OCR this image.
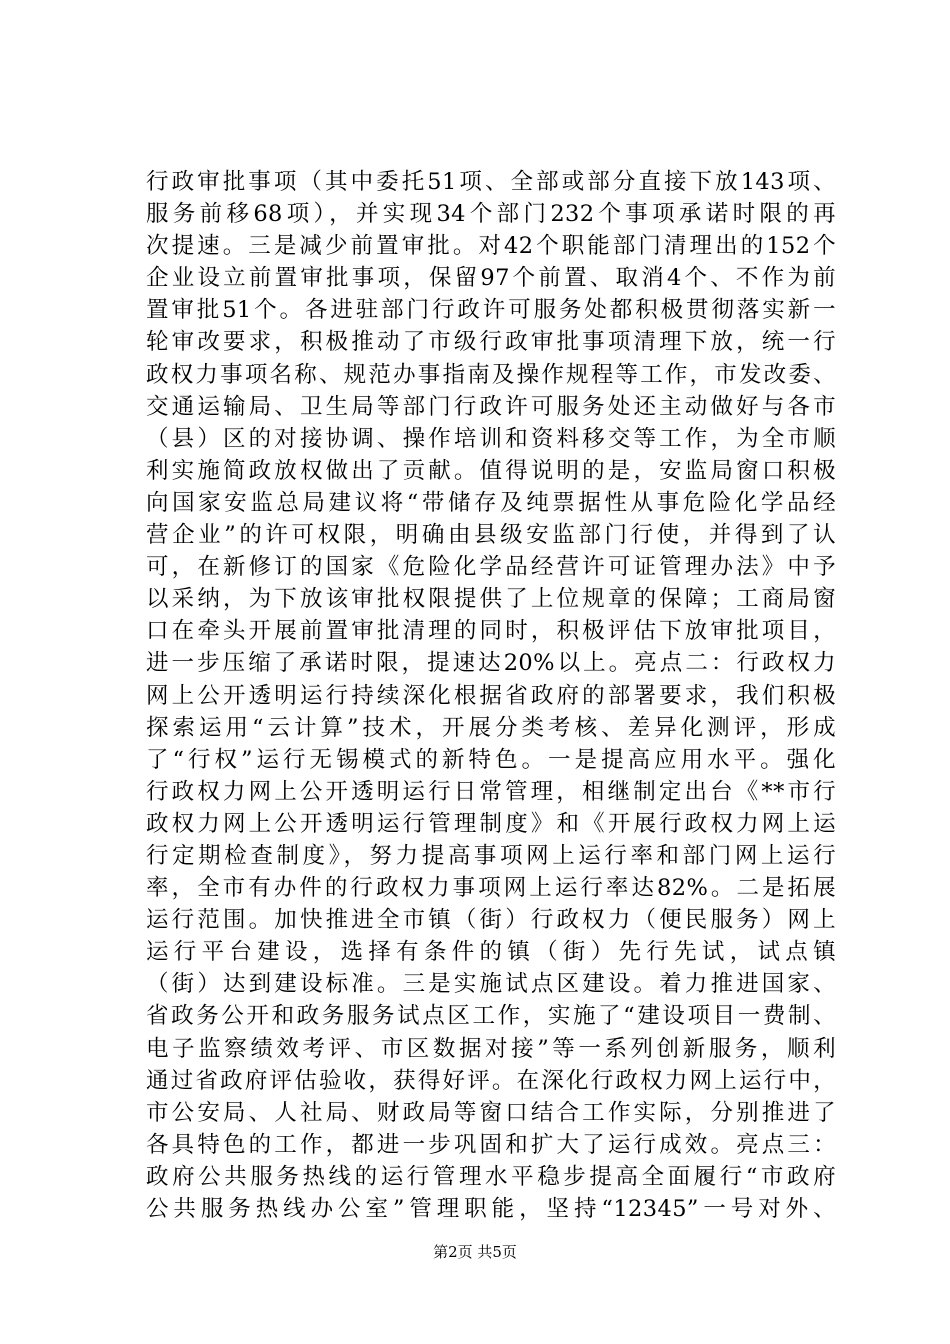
行政审批事项（其中委托51项、全部或部分直接下放143项、
服务前移68项），并实现34个部门232个事项承诺时限的再
次提速。三是减少前置审批。对42个职能部门清理出的152个
企业设立前置审批事项，保留97个前置、取消4个、不作为前
置审批51个。各进驻部门行政许可服务处都积极贯彻落实新一
轮审改要求，积极推动了市级行政审批事项清理下放，统一行
政权力事项名称、规范办事指南及操作规程等工作，市发改委、
交通运输局、卫生局等部门行政许可服务处还主动做好与各市
（县）区的对接协调、操作培训和资料移交等工作，为全市顺
利实施简政放权做出了贡献。值得说明的是，安监局窗口积极
向国家安监总局建议将“带储存及纯票据性从事危险化学品经
营企业”的许可权限，明确由县级安监部门行使，并得到了认
可，在新修订的国家《危险化学品经营许可证管理办法》中予
以采纳，为下放该审批权限提供了上位规章的保障；工商局窗
口在牵头开展前置审批清理的同时，积极评估下放审批项目，
进一步压缩了承诺时限，提速达20%以上。亮点二：行政权力
网上公开透明运行持续深化根据省政府的部署要求，我们积极
探索运用“云计算”技术，开展分类考核、差异化测评，形成
了“行权”运行无锡模式的新特色。一是提高应用水平。强化
行政权力网上公开透明运行日常管理，相继制定出台《**市行
政权力网上公开透明运行管理制度》和《开展行政权力网上运
行定期检查制度》，努力提高事项网上运行率和部门网上运行
率，全市有办件的行政权力事项网上运行率达82%。二是拓展
运行范围。加快推进全市镇（街）行政权力（便民服务）网上
运行平台建设，选择有条件的镇（街）先行先试，试点镇
（街）达到建设标准。三是实施试点区建设。着力推进国家、
省政务公开和政务服务试点区工作，实施了“建设项目一费制、
电子监察绩效考评、市区数据对接”等一系列创新服务，顺利
通过省政府评估验收，获得好评。在深化行政权力网上运行中，
市公安局、人社局、财政局等窗口结合工作实际，分别推进了
各具特色的工作，都进一步巩固和扩大了运行成效。亮点三：
政府公共服务热线的运行管理水平稳步提高全面履行“市政府
公共服务热线办公室”管理职能，坚持“12345”一号对外、
第2页 共5页
